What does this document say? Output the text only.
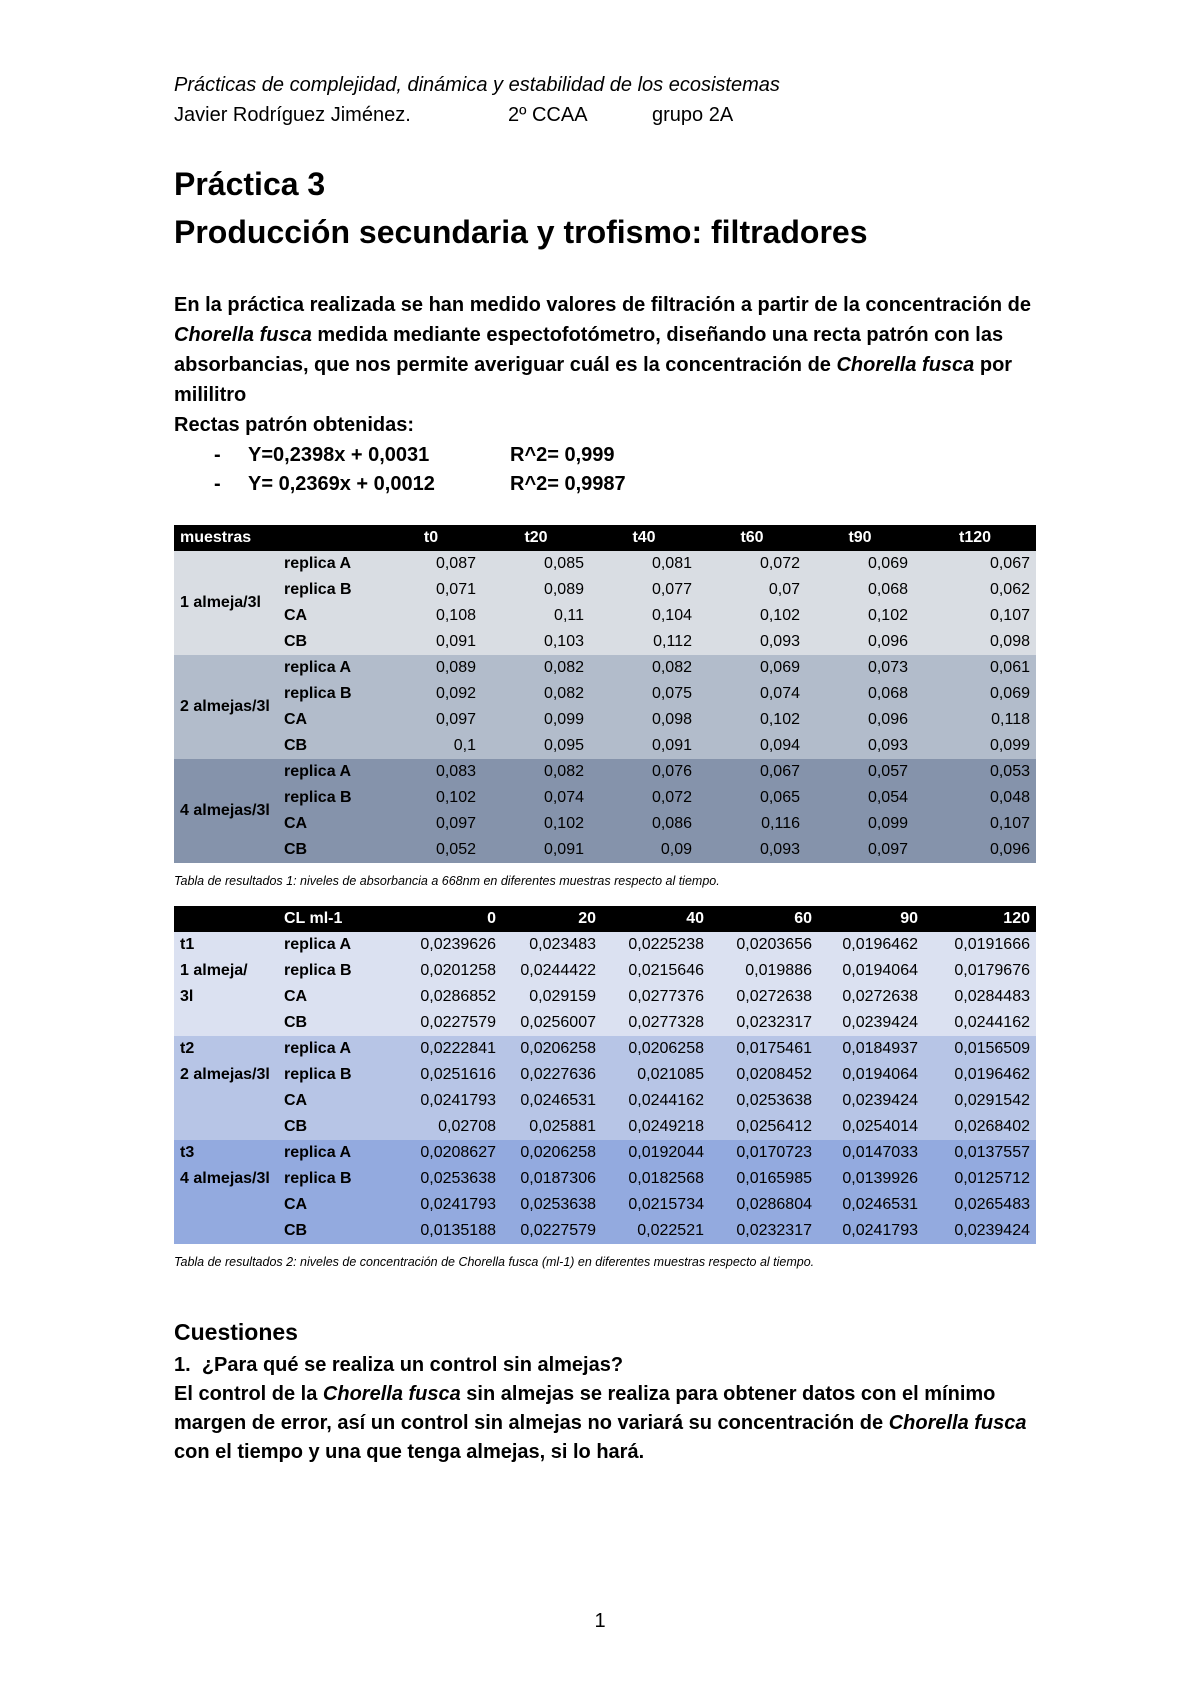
Prácticas de complejidad, dinámica y estabilidad de los ecosistemas
Javier Rodríguez Jiménez.	2º CCAA	grupo 2A
Práctica 3
Producción secundaria y trofismo: filtradores

En la práctica realizada se han medido valores de filtración a partir de la concentración de Chorella fusca medida mediante espectofotómetro, diseñando una recta patrón con las absorbancias, que nos permite averiguar cuál es la concentración de Chorella fusca por mililitro

Rectas patrón obtenidas:

- Y=0,2398x + 0,0031	R^2= 0,999
- Y= 0,2369x + 0,0012	R^2= 0,9987
muestras		t0	t20	t40	t60	t90	t120
1 almeja/3l	replica A	0,087	0,085	0,081	0,072	0,069	0,067
	replica B	0,071	0,089	0,077	0,07	0,068	0,062
	CA	0,108	0,11	0,104	0,102	0,102	0,107
	CB	0,091	0,103	0,112	0,093	0,096	0,098
2 almejas/3l	replica A	0,089	0,082	0,082	0,069	0,073	0,061
	replica B	0,092	0,082	0,075	0,074	0,068	0,069
	CA	0,097	0,099	0,098	0,102	0,096	0,118
	CB	0,1	0,095	0,091	0,094	0,093	0,099
4 almejas/3l	replica A	0,083	0,082	0,076	0,067	0,057	0,053
	replica B	0,102	0,074	0,072	0,065	0,054	0,048
	CA	0,097	0,102	0,086	0,116	0,099	0,107
	CB	0,052	0,091	0,09	0,093	0,097	0,096
Tabla de resultados 1: niveles de absorbancia a 668nm en diferentes muestras respecto al tiempo.
	CL ml-1	0	20	40	60	90	120
t1	replica A	0,0239626	0,023483	0,0225238	0,0203656	0,0196462	0,0191666
1 almeja/	replica B	0,0201258	0,0244422	0,0215646	0,019886	0,0194064	0,0179676
3l	CA	0,0286852	0,029159	0,0277376	0,0272638	0,0272638	0,0284483
	CB	0,0227579	0,0256007	0,0277328	0,0232317	0,0239424	0,0244162
t2	replica A	0,0222841	0,0206258	0,0206258	0,0175461	0,0184937	0,0156509
2 almejas/3l	replica B	0,0251616	0,0227636	0,021085	0,0208452	0,0194064	0,0196462
	CA	0,0241793	0,0246531	0,0244162	0,0253638	0,0239424	0,0291542
	CB	0,02708	0,025881	0,0249218	0,0256412	0,0254014	0,0268402
t3	replica A	0,0208627	0,0206258	0,0192044	0,0170723	0,0147033	0,0137557
4 almejas/3l	replica B	0,0253638	0,0187306	0,0182568	0,0165985	0,0139926	0,0125712
	CA	0,0241793	0,0253638	0,0215734	0,0286804	0,0246531	0,0265483
	CB	0,0135188	0,0227579	0,022521	0,0232317	0,0241793	0,0239424
Tabla de resultados 2: niveles de concentración de Chorella fusca (ml-1) en diferentes muestras respecto al tiempo.
Cuestiones

1. ¿Para qué se realiza un control sin almejas?

El control de la Chorella fusca sin almejas se realiza para obtener datos con el mínimo margen de error, así un control sin almejas no variará su concentración de Chorella fusca con el tiempo y una que tenga almejas, si lo hará.

1
